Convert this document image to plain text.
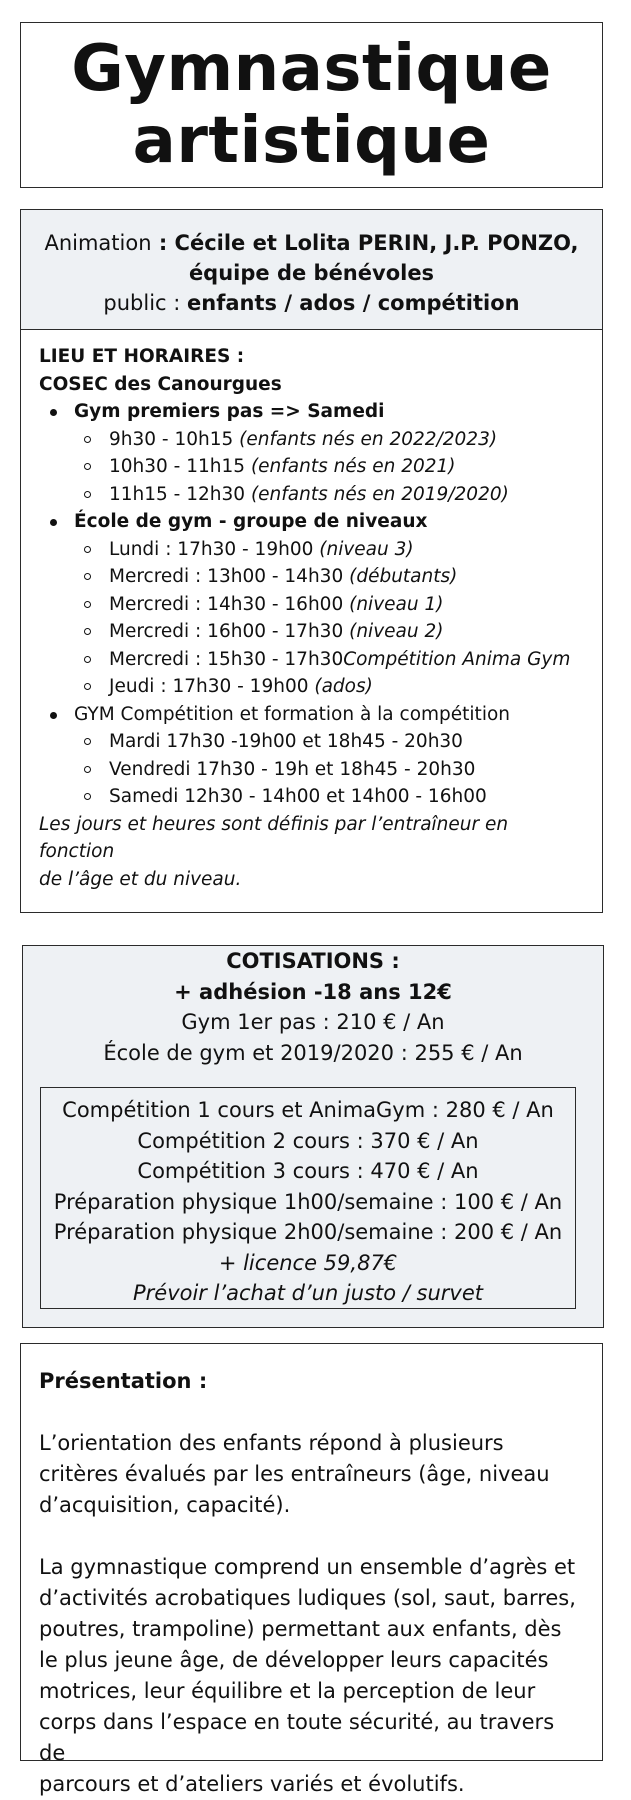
Gymnastique
artistique
Animation : Cécile et Lolita PERIN, J.P. PONZO,
équipe de bénévoles
public : enfants / ados / compétition

LIEU ET HORAIRES :

COSEC des Canourgues

Gym premiers pas => Samedi
9h30 - 10h15 (enfants nés en 2022/2023)
10h30 - 11h15 (enfants nés en 2021)
11h15 - 12h30 (enfants nés en 2019/2020)
École de gym - groupe de niveaux
Lundi : 17h30 - 19h00 (niveau 3)
Mercredi : 13h00 - 14h30 (débutants)
Mercredi : 14h30 - 16h00 (niveau 1)
Mercredi : 16h00 - 17h30 (niveau 2)
Mercredi : 15h30 - 17h30Compétition Anima Gym
Jeudi : 17h30 - 19h00 (ados)
GYM Compétition et formation à la compétition
Mardi 17h30 -19h00 et 18h45 - 20h30
Vendredi 17h30 - 19h et 18h45 - 20h30
Samedi 12h30 - 14h00 et 14h00 - 16h00

Les jours et heures sont définis par l’entraîneur en fonction

de l’âge et du niveau.

COTISATIONS :
+ adhésion -18 ans 12€
Gym 1er pas : 210 € / An
École de gym et 2019/2020 : 255 € / An
Compétition 1 cours et AnimaGym : 280 € / An
Compétition 2 cours : 370 € / An
Compétition 3 cours : 470 € / An
Préparation physique 1h00/semaine : 100 € / An
Préparation physique 2h00/semaine : 200 € / An
+ licence 59,87€
Prévoir l’achat d’un justo / survet

Présentation :

L’orientation des enfants répond à plusieurs

critères évalués par les entraîneurs (âge, niveau

d’acquisition, capacité).

La gymnastique comprend un ensemble d’agrès et

d’activités acrobatiques ludiques (sol, saut, barres,

poutres, trampoline) permettant aux enfants, dès

le plus jeune âge, de développer leurs capacités

motrices, leur équilibre et la perception de leur

corps dans l’espace en toute sécurité, au travers de

parcours et d’ateliers variés et évolutifs.
